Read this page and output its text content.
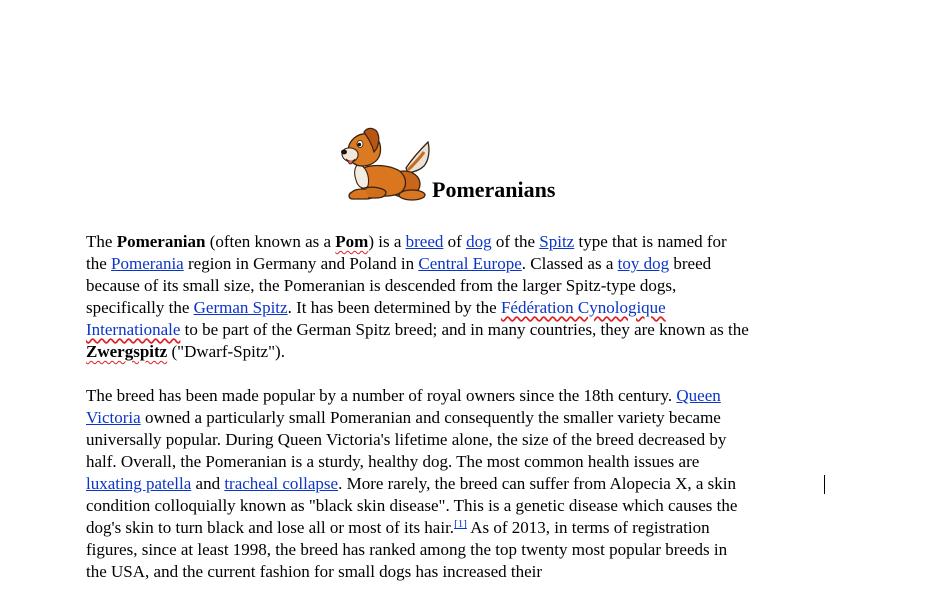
Pomeranians

The Pomeranian (often known as a Pom) is a breed of dog of the Spitz type that is named for
the Pomerania region in Germany and Poland in Central Europe. Classed as a toy dog breed
because of its small size, the Pomeranian is descended from the larger Spitz-type dogs,
specifically the German Spitz. It has been determined by the Fédération Cynologique
Internationale to be part of the German Spitz breed; and in many countries, they are known as the
Zwergspitz ("Dwarf-Spitz").

The breed has been made popular by a number of royal owners since the 18th century. Queen
Victoria owned a particularly small Pomeranian and consequently the smaller variety became
universally popular. During Queen Victoria's lifetime alone, the size of the breed decreased by
half. Overall, the Pomeranian is a sturdy, healthy dog. The most common health issues are
luxating patella and tracheal collapse. More rarely, the breed can suffer from Alopecia X, a skin
condition colloquially known as "black skin disease". This is a genetic disease which causes the
dog's skin to turn black and lose all or most of its hair.[1] As of 2013, in terms of registration
figures, since at least 1998, the breed has ranked among the top twenty most popular breeds in
the USA, and the current fashion for small dogs has increased their
